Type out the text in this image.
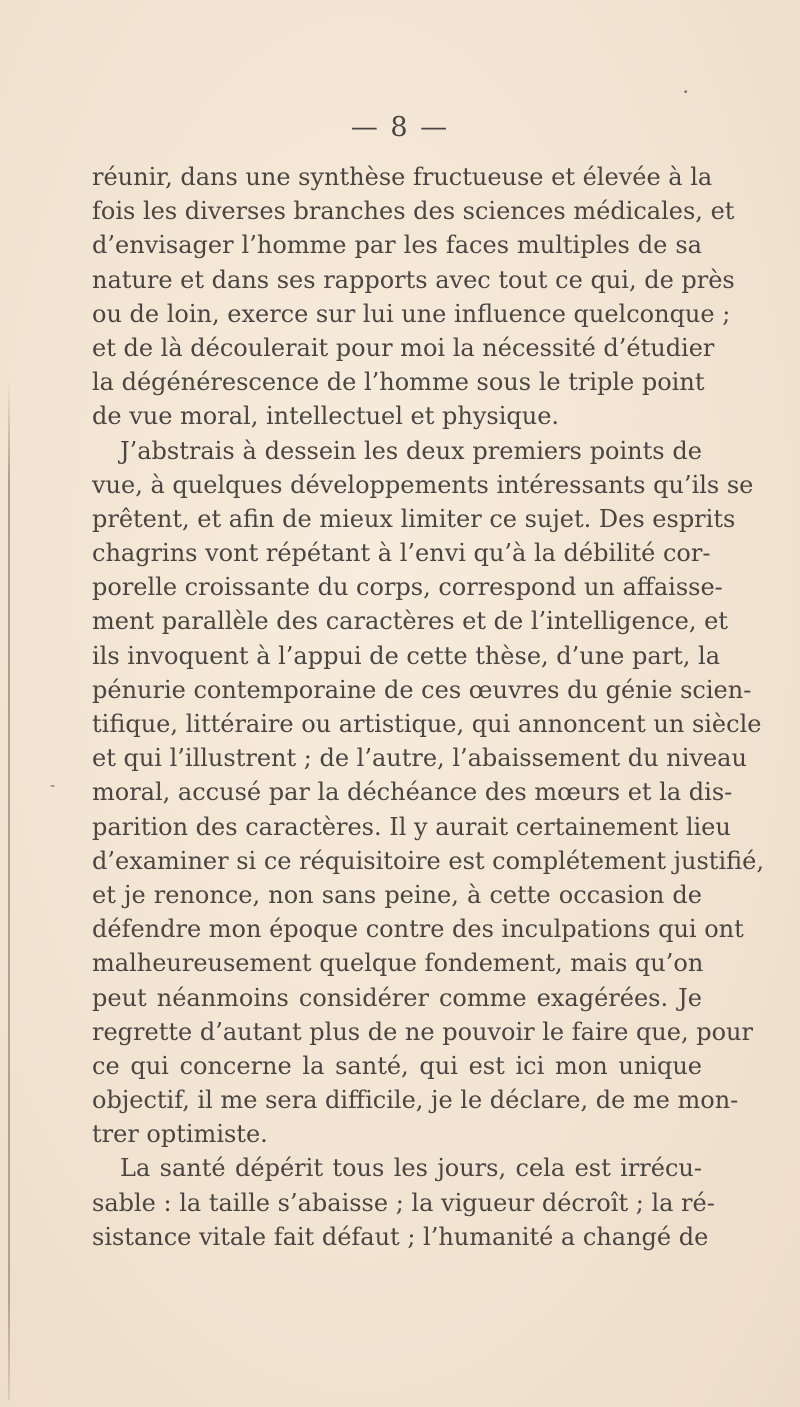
— 8 —
réunir, dans une synthèse fructueuse et élevée à la
fois les diverses branches des sciences médicales, et
d’envisager l’homme par les faces multiples de sa
nature et dans ses rapports avec tout ce qui, de près
ou de loin, exerce sur lui une influence quelconque ;
et de là découlerait pour moi la nécessité d’étudier
la dégénérescence de l’homme sous le triple point
de vue moral, intellectuel et physique.
J’abstrais à dessein les deux premiers points de
vue, à quelques développements intéressants qu’ils se
prêtent, et afin de mieux limiter ce sujet. Des esprits
chagrins vont répétant à l’envi qu’à la débilité cor-
porelle croissante du corps, correspond un affaisse-
ment parallèle des caractères et de l’intelligence, et
ils invoquent à l’appui de cette thèse, d’une part, la
pénurie contemporaine de ces œuvres du génie scien-
tifique, littéraire ou artistique, qui annoncent un siècle
et qui l’illustrent ; de l’autre, l’abaissement du niveau
moral, accusé par la déchéance des mœurs et la dis-
parition des caractères. Il y aurait certainement lieu
d’examiner si ce réquisitoire est complétement justifié,
et je renonce, non sans peine, à cette occasion de
défendre mon époque contre des inculpations qui ont
malheureusement quelque fondement, mais qu’on
peut néanmoins considérer comme exagérées. Je
regrette d’autant plus de ne pouvoir le faire que, pour
ce qui concerne la santé, qui est ici mon unique
objectif, il me sera difficile, je le déclare, de me mon-
trer optimiste.
La santé dépérit tous les jours, cela est irrécu-
sable : la taille s’abaisse ; la vigueur décroît ; la ré-
sistance vitale fait défaut ; l’humanité a changé de
•
-
